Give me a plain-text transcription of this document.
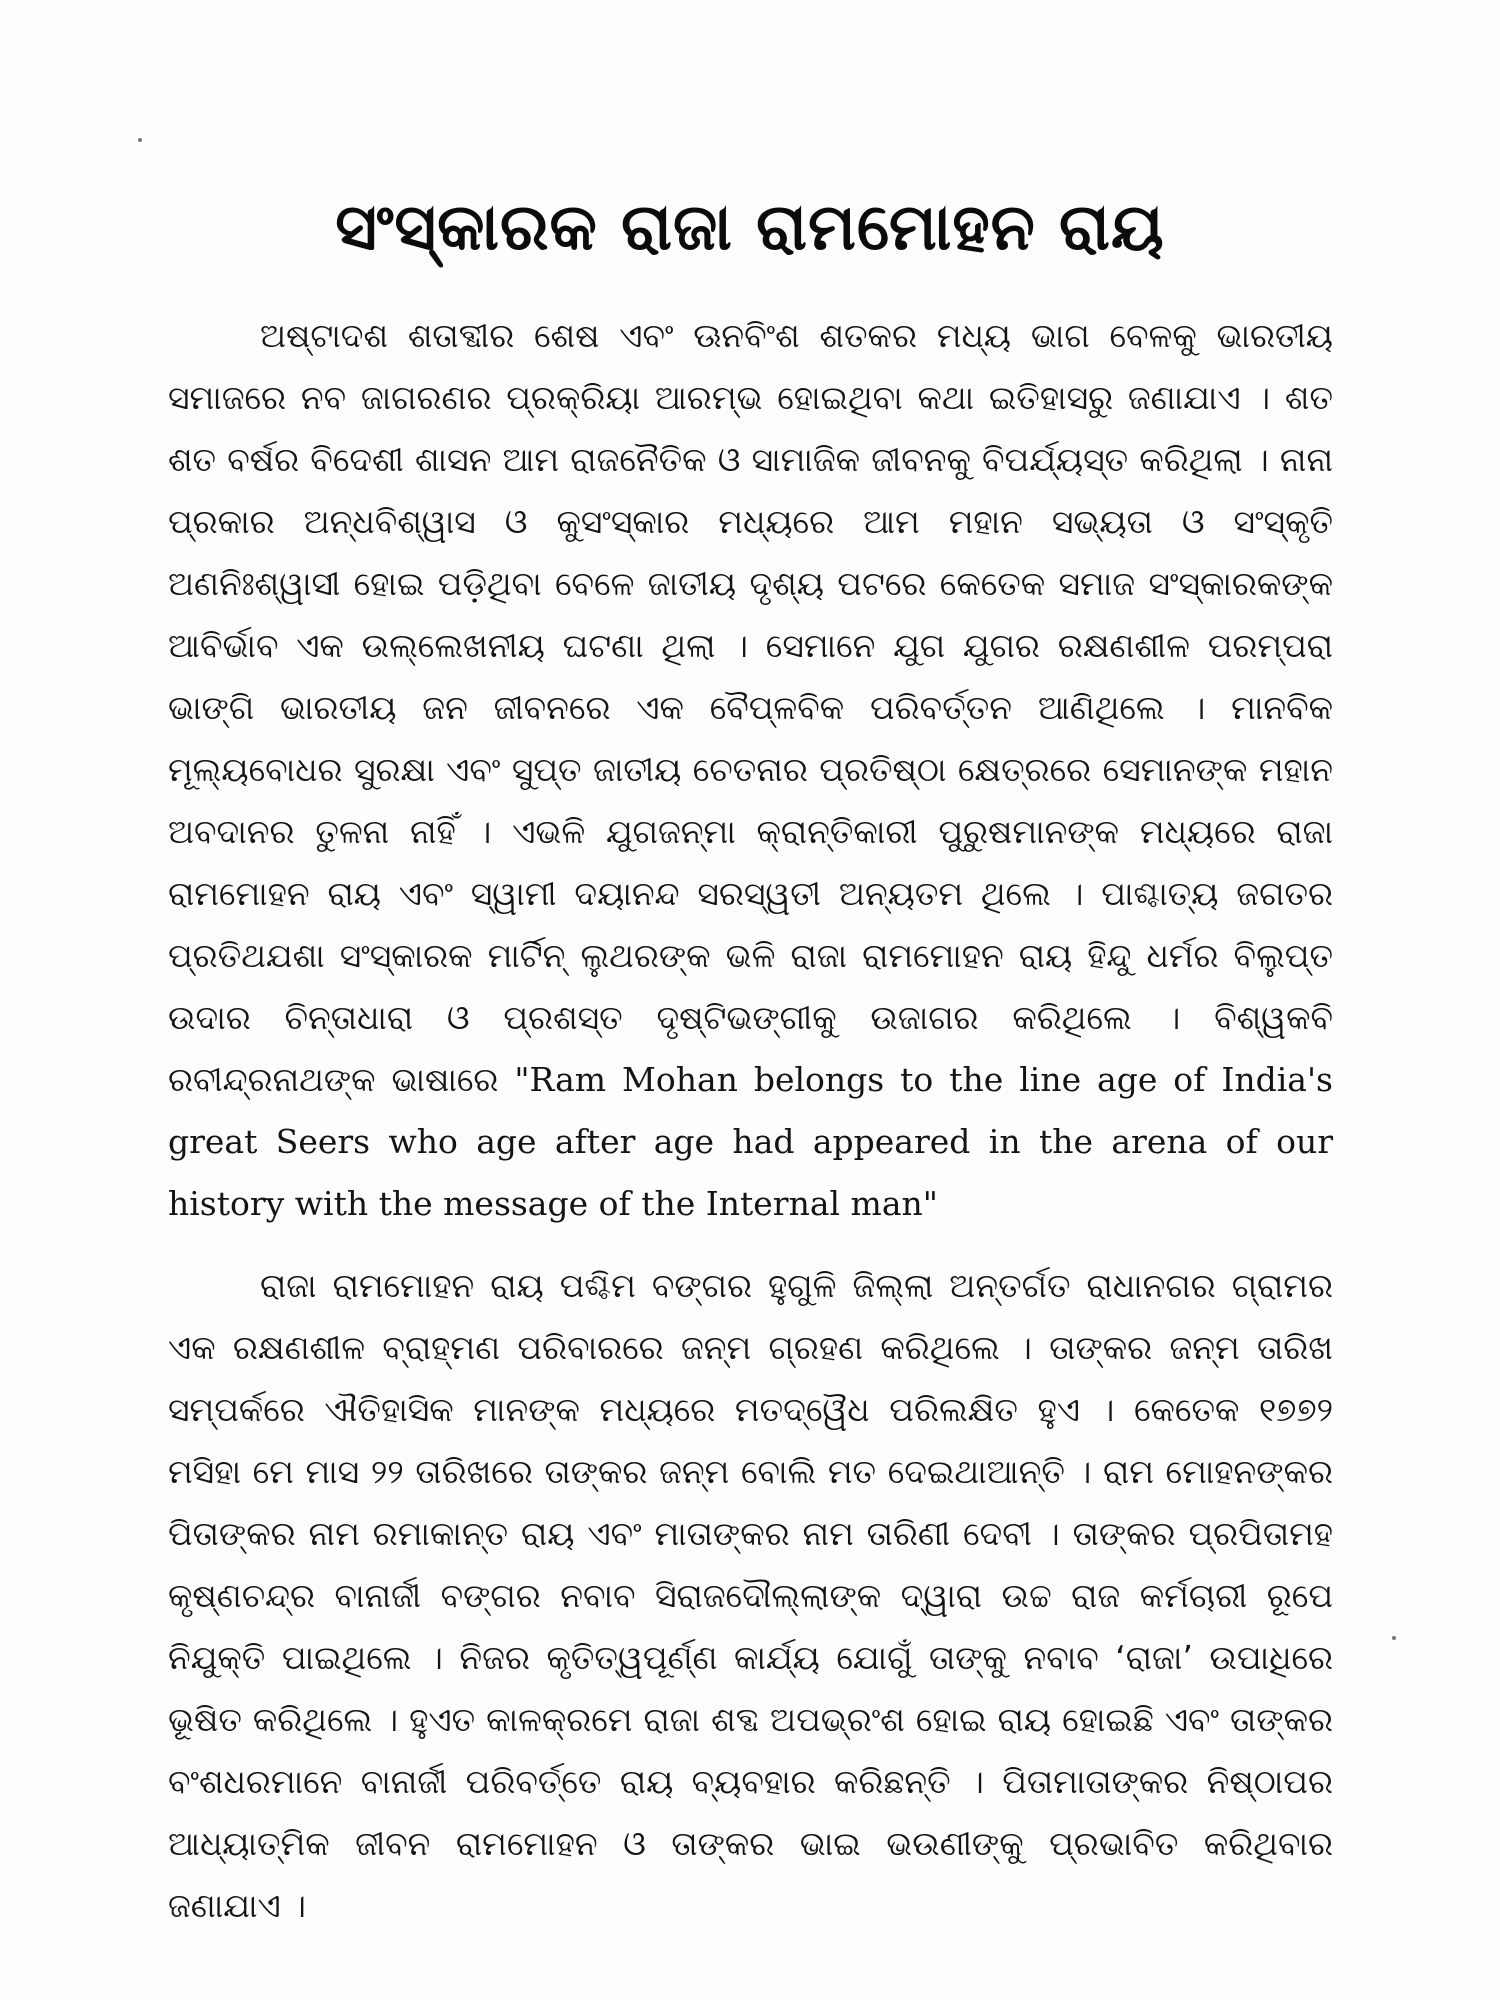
ସଂସ୍କାରକ ରାଜା ରାମମୋହନ ରାୟ

ଅଷ୍ଟାଦଶ ଶତାବ୍ଦୀର ଶେଷ ଏବଂ ଊନବିଂଶ ଶତକର ମଧ୍ୟ ଭାଗ ବେଳକୁ ଭାରତୀୟ ସମାଜରେ ନବ ଜାଗରଣର ପ୍ରକ୍ରିୟା ଆରମ୍ଭ ହୋଇଥିବା କଥା ଇତିହାସରୁ ଜଣାଯାଏ । ଶତ ଶତ ବର୍ଷର ବିଦେଶୀ ଶାସନ ଆମ ରାଜନୈତିକ ଓ ସାମାଜିକ ଜୀବନକୁ ବିପର୍ଯ୍ୟସ୍ତ କରିଥିଲା । ନାନା ପ୍ରକାର ଅନ୍ଧବିଶ୍ୱାସ ଓ କୁସଂସ୍କାର ମଧ୍ୟରେ ଆମ ମହାନ ସଭ୍ୟତା ଓ ସଂସ୍କୃତି ଅଣନିଃଶ୍ୱାସୀ ହୋଇ ପଡ଼ିଥିବା ବେଳେ ଜାତୀୟ ଦୃଶ୍ୟ ପଟରେ କେତେକ ସମାଜ ସଂସ୍କାରକଙ୍କ ଆବିର୍ଭାବ ଏକ ଉଲ୍ଲେଖନୀୟ ଘଟଣା ଥିଲା । ସେମାନେ ଯୁଗ ଯୁଗର ରକ୍ଷଣଶୀଳ ପରମ୍ପରା ଭାଙ୍ଗି ଭାରତୀୟ ଜନ ଜୀବନରେ ଏକ ବୈପ୍ଳବିକ ପରିବର୍ତ୍ତନ ଆଣିଥିଲେ । ମାନବିକ ମୂଲ୍ୟବୋଧର ସୁରକ୍ଷା ଏବଂ ସୁପ୍ତ ଜାତୀୟ ଚେତନାର ପ୍ରତିଷ୍ଠା କ୍ଷେତ୍ରରେ ସେମାନଙ୍କ ମହାନ ଅବଦାନର ତୁଳନା ନାହିଁ । ଏଭଳି ଯୁଗଜନ୍ମା କ୍ରାନ୍ତିକାରୀ ପୁରୁଷମାନଙ୍କ ମଧ୍ୟରେ ରାଜା ରାମମୋହନ ରାୟ ଏବଂ ସ୍ୱାମୀ ଦୟାନନ୍ଦ ସରସ୍ୱତୀ ଅନ୍ୟତମ ଥିଲେ । ପାଶ୍ଚାତ୍ୟ ଜଗତର ପ୍ରତିଥଯଶା ସଂସ୍କାରକ ମାର୍ଟିନ୍ ଲୁଥରଙ୍କ ଭଳି ରାଜା ରାମମୋହନ ରାୟ ହିନ୍ଦୁ ଧର୍ମର ବିଲୁପ୍ତ ଉଦାର ଚିନ୍ତାଧାରା ଓ ପ୍ରଶସ୍ତ ଦୃଷ୍ଟିଭଙ୍ଗୀକୁ ଉଜାଗର କରିଥିଲେ । ବିଶ୍ୱକବି ରବୀନ୍ଦ୍ରନାଥଙ୍କ ଭାଷାରେ "Ram Mohan belongs to the line age of India's great Seers who age after age had appeared in the arena of our history with the message of the Internal man"

ରାଜା ରାମମୋହନ ରାୟ ପଶ୍ଚିମ ବଙ୍ଗର ହୁଗୁଳି ଜିଲ୍ଲା ଅନ୍ତର୍ଗତ ରାଧାନଗର ଗ୍ରାମର ଏକ ରକ୍ଷଣଶୀଳ ବ୍ରାହ୍ମଣ ପରିବାରରେ ଜନ୍ମ ଗ୍ରହଣ କରିଥିଲେ । ତାଙ୍କର ଜନ୍ମ ତାରିଖ ସମ୍ପର୍କରେ ଐତିହାସିକ ମାନଙ୍କ ମଧ୍ୟରେ ମତଦ୍ୱୈଧ ପରିଲକ୍ଷିତ ହୁଏ । କେତେକ ୧୭୭୨ ମସିହା ମେ ମାସ ୨୨ ତାରିଖରେ ତାଙ୍କର ଜନ୍ମ ବୋଲି ମତ ଦେଇଥାଆନ୍ତି । ରାମ ମୋହନଙ୍କର ପିତାଙ୍କର ନାମ ରମାକାନ୍ତ ରାୟ ଏବଂ ମାତାଙ୍କର ନାମ ତାରିଣୀ ଦେବୀ । ତାଙ୍କର ପ୍ରପିତାମହ କୃଷ୍ଣଚନ୍ଦ୍ର ବାନାର୍ଜୀ ବଙ୍ଗର ନବାବ ସିରାଜଦୌଲ୍ଲାଙ୍କ ଦ୍ୱାରା ଉଚ୍ଚ ରାଜ କର୍ମଚାରୀ ରୂପେ ନିଯୁକ୍ତି ପାଇଥିଲେ । ନିଜର କୃତିତ୍ୱପୂର୍ଣ୍ଣ କାର୍ଯ୍ୟ ଯୋଗୁଁ ତାଙ୍କୁ ନବାବ ‘ରାଜା’ ଉପାଧିରେ ଭୂଷିତ କରିଥିଲେ । ହୁଏତ କାଳକ୍ରମେ ରାଜା ଶବ୍ଦ ଅପଭ୍ରଂଶ ହୋଇ ରାୟ ହୋଇଛି ଏବଂ ତାଙ୍କର ବଂଶଧରମାନେ ବାନାର୍ଜୀ ପରିବର୍ତ୍ତେ ରାୟ ବ୍ୟବହାର କରିଛନ୍ତି । ପିତାମାତାଙ୍କର ନିଷ୍ଠାପର ଆଧ୍ୟାତ୍ମିକ ଜୀବନ ରାମମୋହନ ଓ ତାଙ୍କର ଭାଇ ଭଉଣୀଙ୍କୁ ପ୍ରଭାବିତ କରିଥିବାର ଜଣାଯାଏ ।
